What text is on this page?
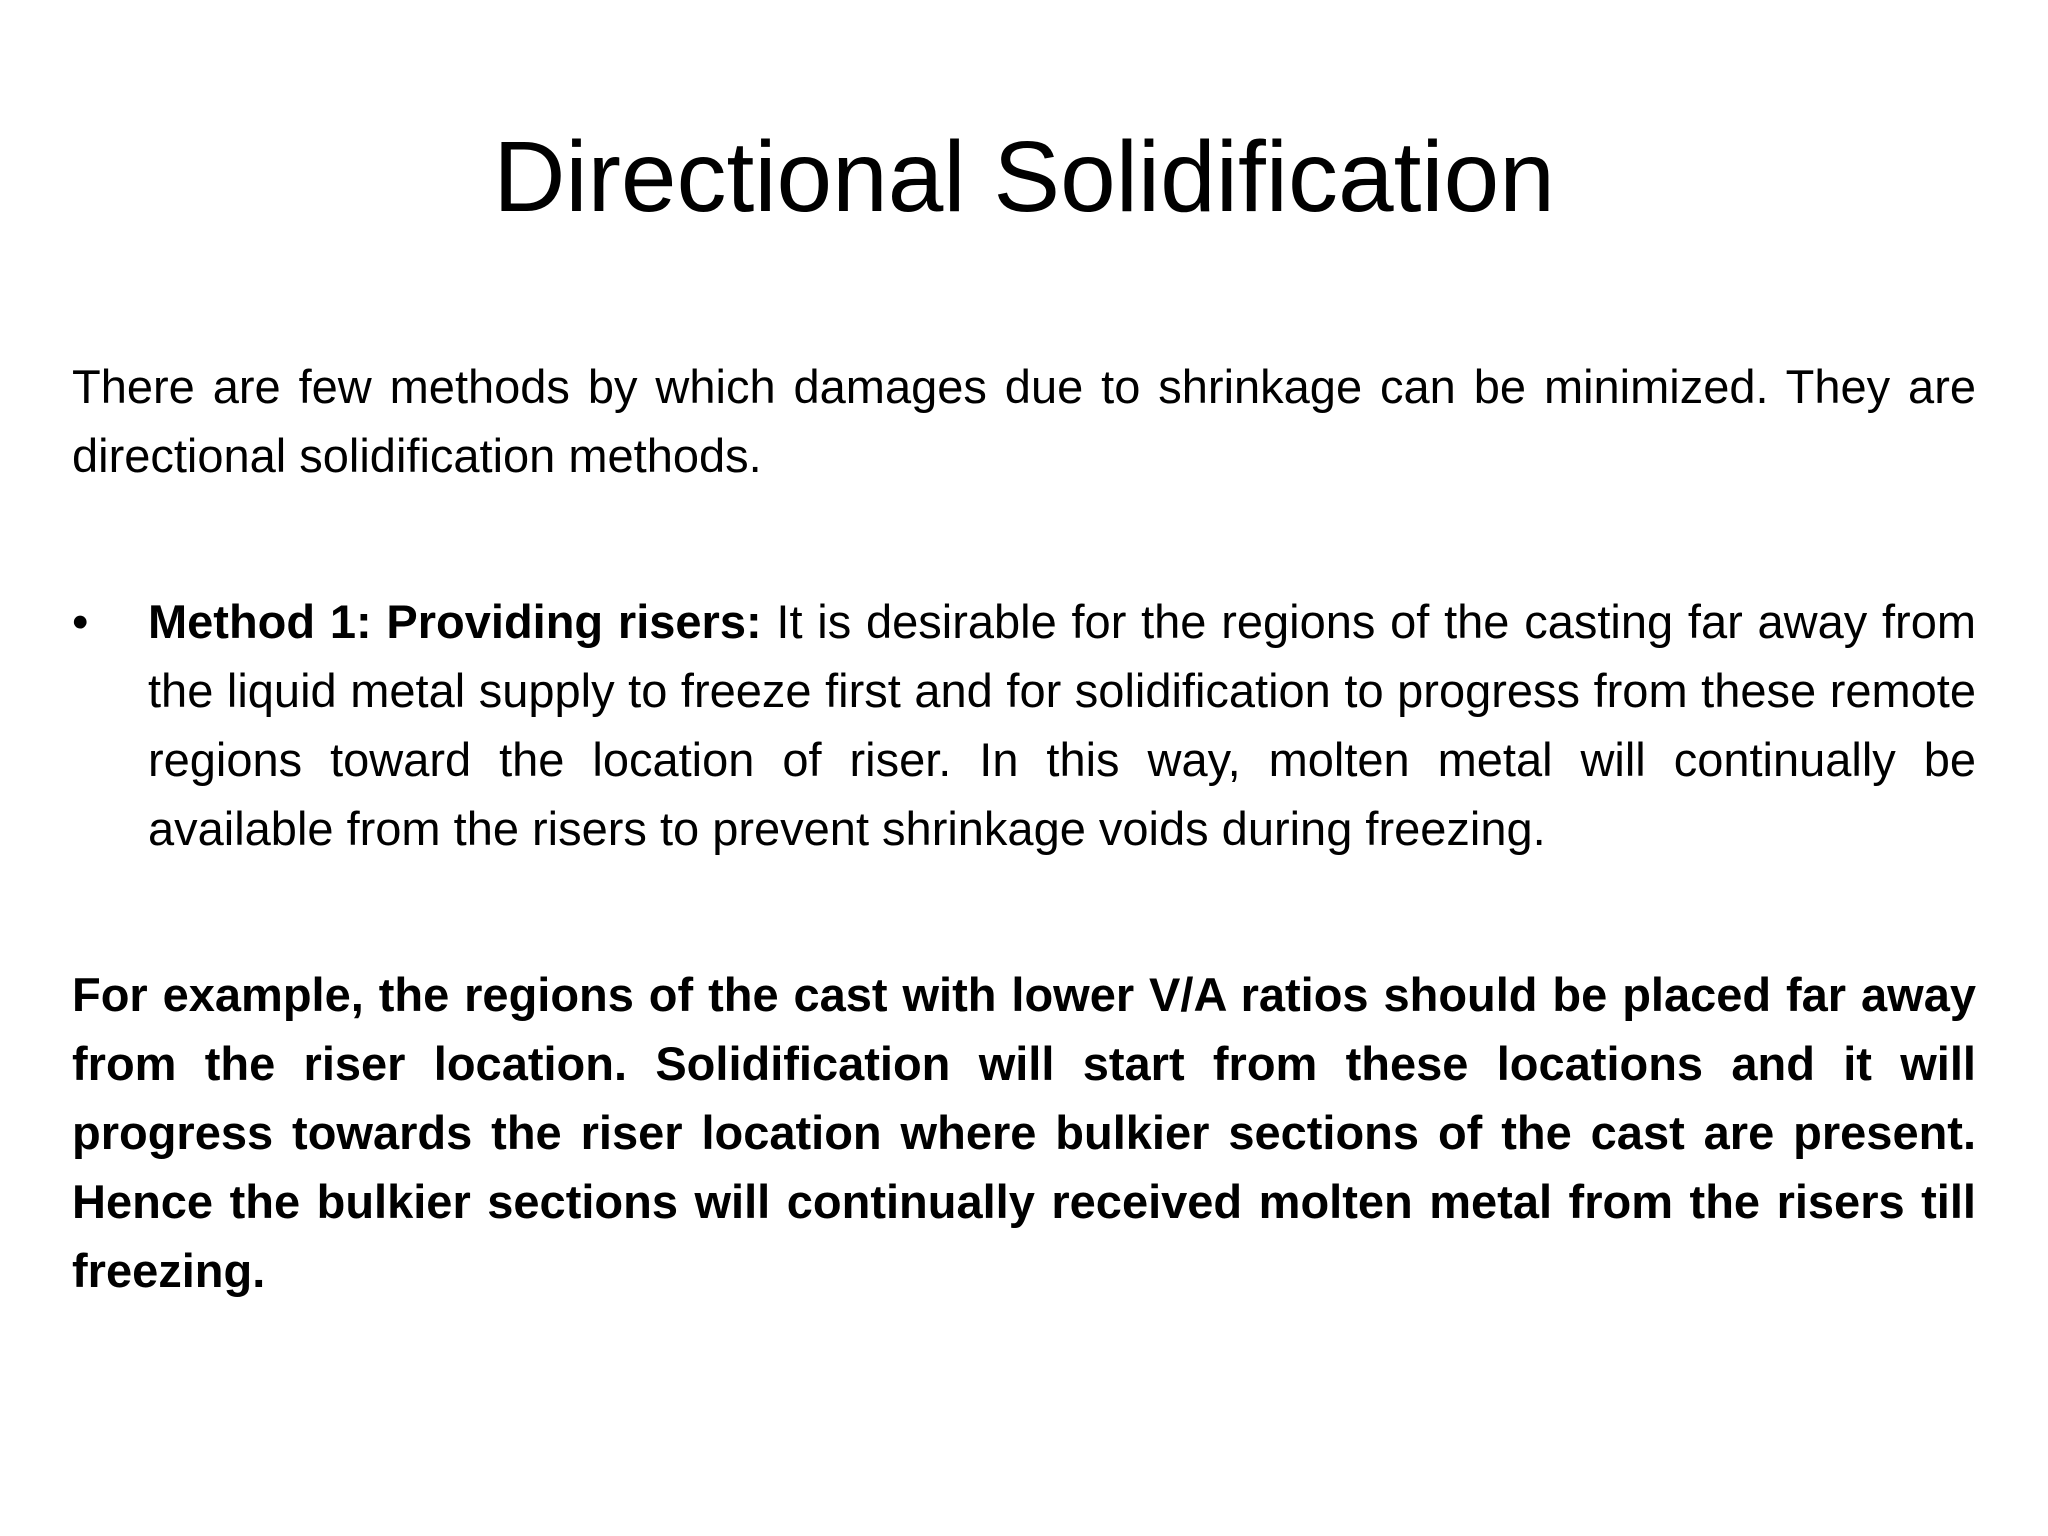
Directional Solidification

There are few methods by which damages due to shrinkage can be minimized. They are directional solidification methods.

•	Method 1: Providing risers: It is desirable for the regions of the casting far away from the liquid metal supply to freeze first and for solidification to progress from these remote regions toward the location of riser. In this way, molten metal will continually be available from the risers to prevent shrinkage voids during freezing.

For example, the regions of the cast with lower V/A ratios should be placed far away from the riser location. Solidification will start from these locations and it will progress towards the riser location where bulkier sections of the cast are present. Hence the bulkier sections will continually received molten metal from the risers till freezing.
